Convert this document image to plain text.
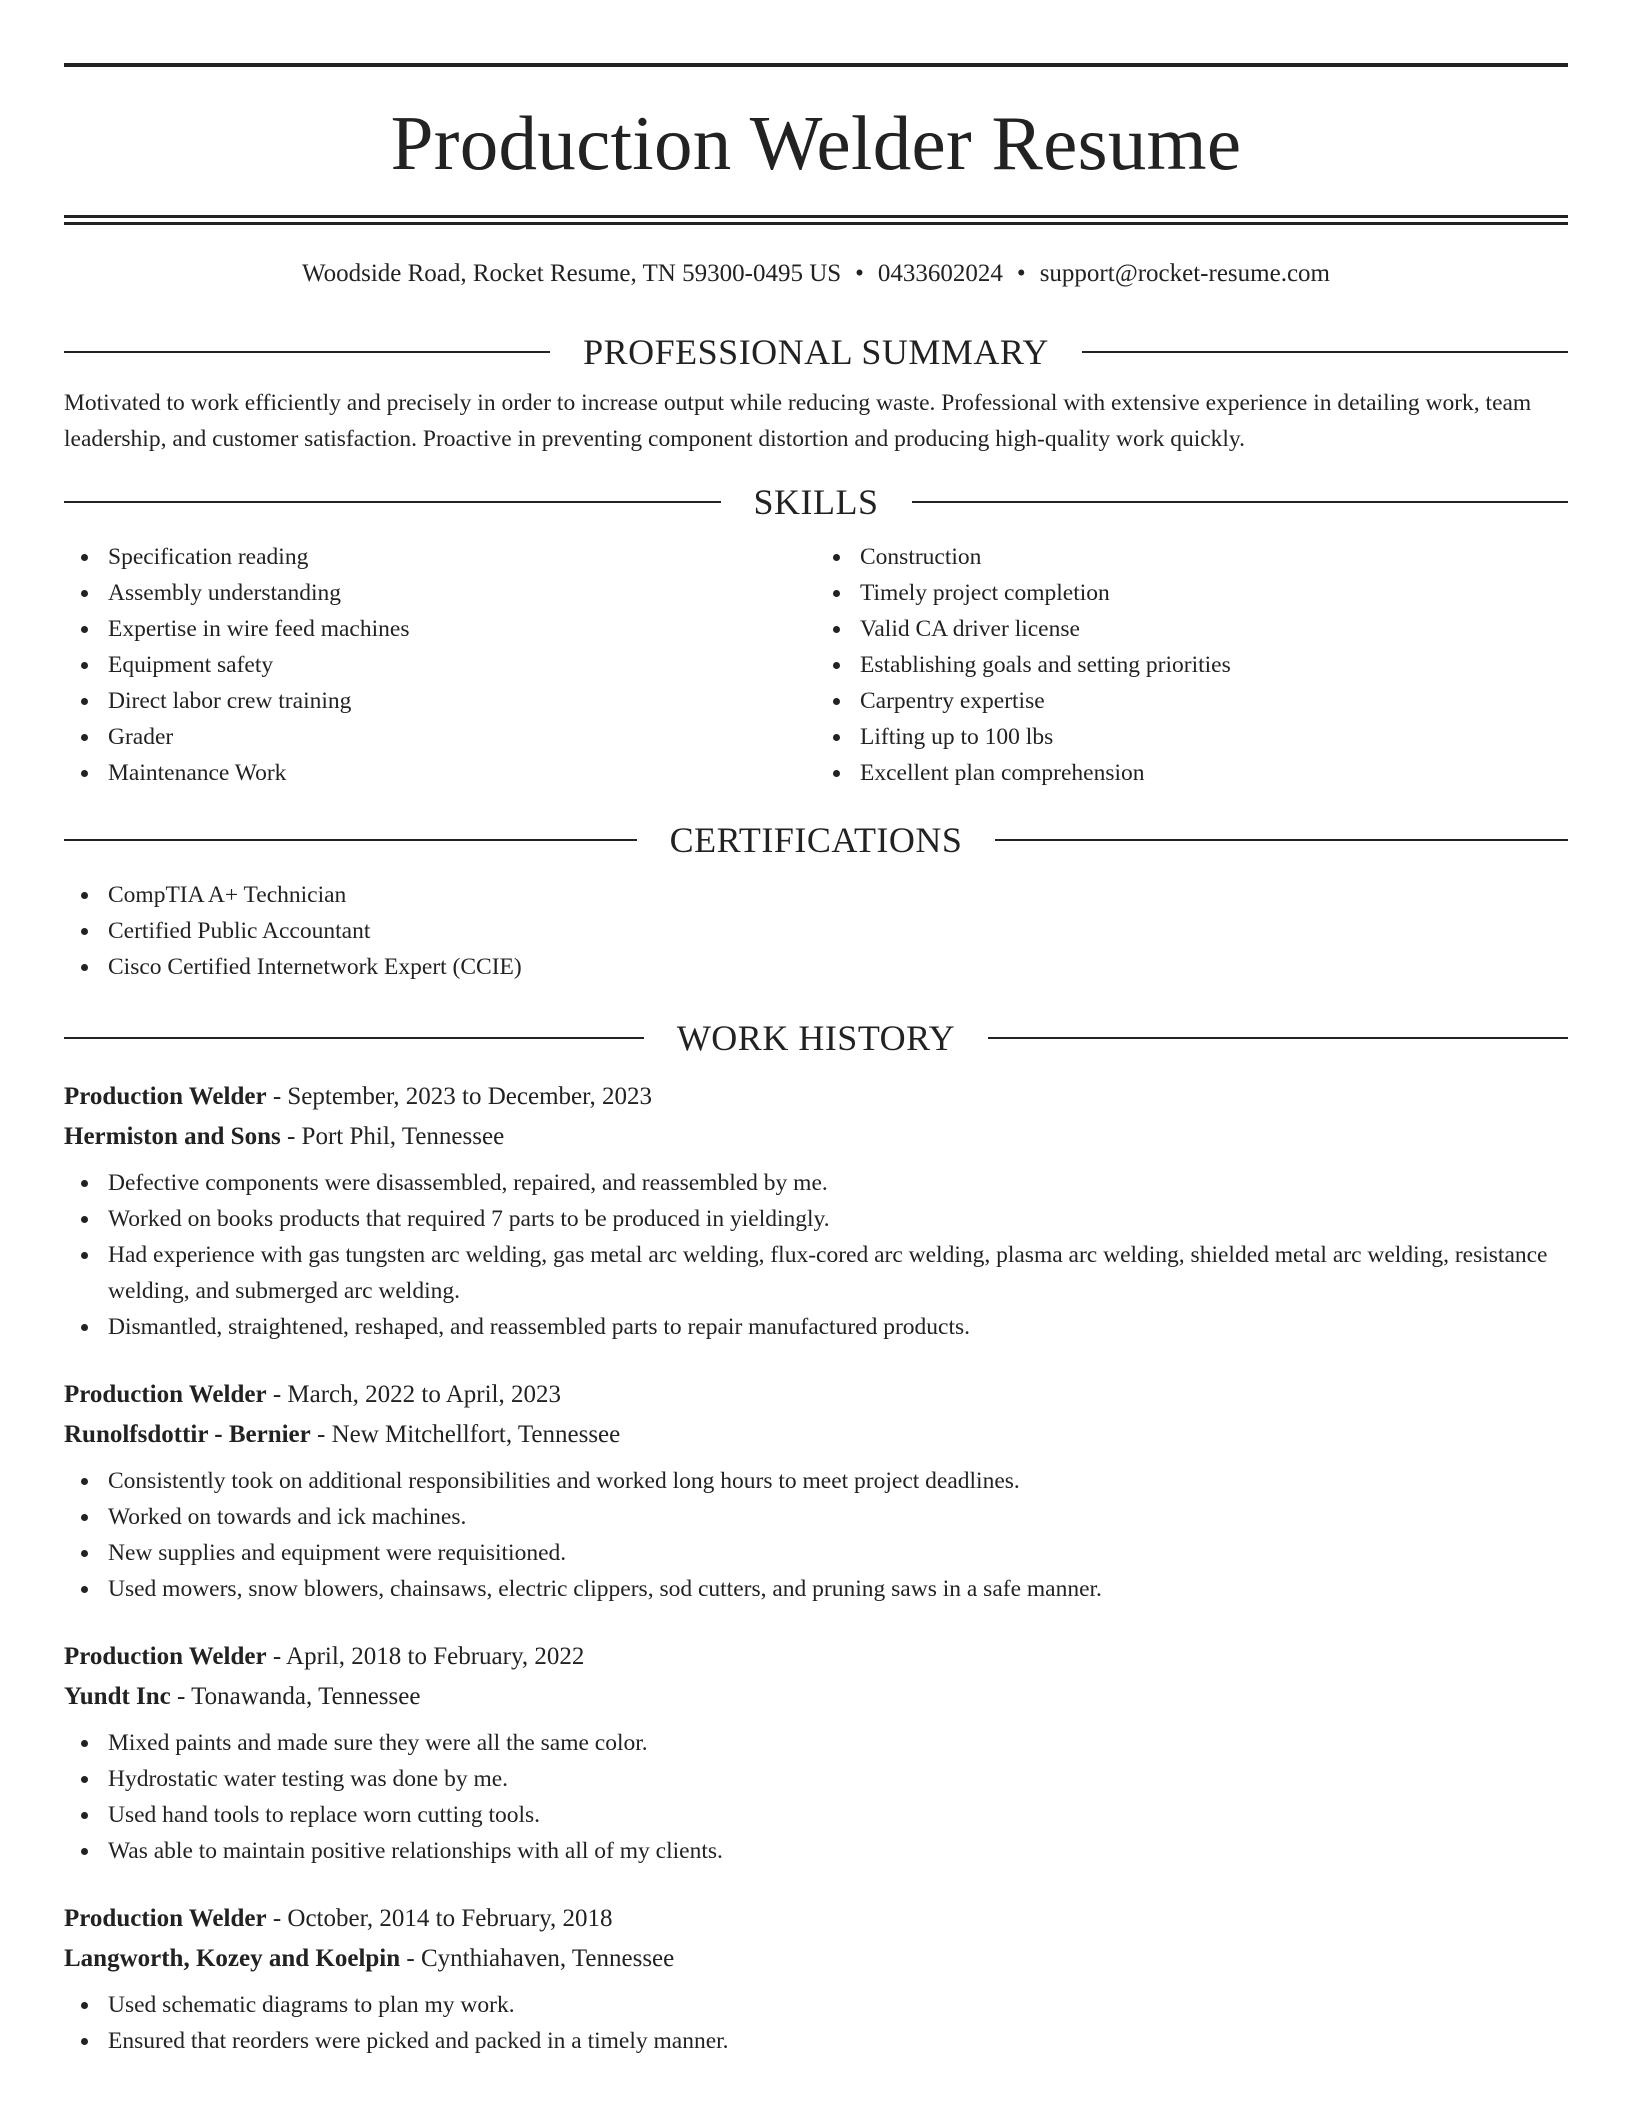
Production Welder Resume
Woodside Road, Rocket Resume, TN 59300-0495 US • 0433602024 • support@rocket-resume.com
PROFESSIONAL SUMMARY

Motivated to work efficiently and precisely in order to increase output while reducing waste. Professional with extensive experience in detailing work, team leadership, and customer satisfaction. Proactive in preventing component distortion and producing high-quality work quickly.

SKILLS
Specification reading
Assembly understanding
Expertise in wire feed machines
Equipment safety
Direct labor crew training
Grader
Maintenance Work
Construction
Timely project completion
Valid CA driver license
Establishing goals and setting priorities
Carpentry expertise
Lifting up to 100 lbs
Excellent plan comprehension
CERTIFICATIONS
CompTIA A+ Technician
Certified Public Accountant
Cisco Certified Internetwork Expert (CCIE)
WORK HISTORY
Production Welder - September, 2023 to December, 2023
Hermiston and Sons - Port Phil, Tennessee
Defective components were disassembled, repaired, and reassembled by me.
Worked on books products that required 7 parts to be produced in yieldingly.
Had experience with gas tungsten arc welding, gas metal arc welding, flux-cored arc welding, plasma arc welding, shielded metal arc welding, resistance welding, and submerged arc welding.
Dismantled, straightened, reshaped, and reassembled parts to repair manufactured products.
Production Welder - March, 2022 to April, 2023
Runolfsdottir - Bernier - New Mitchellfort, Tennessee
Consistently took on additional responsibilities and worked long hours to meet project deadlines.
Worked on towards and ick machines.
New supplies and equipment were requisitioned.
Used mowers, snow blowers, chainsaws, electric clippers, sod cutters, and pruning saws in a safe manner.
Production Welder - April, 2018 to February, 2022
Yundt Inc - Tonawanda, Tennessee
Mixed paints and made sure they were all the same color.
Hydrostatic water testing was done by me.
Used hand tools to replace worn cutting tools.
Was able to maintain positive relationships with all of my clients.
Production Welder - October, 2014 to February, 2018
Langworth, Kozey and Koelpin - Cynthiahaven, Tennessee
Used schematic diagrams to plan my work.
Ensured that reorders were picked and packed in a timely manner.
